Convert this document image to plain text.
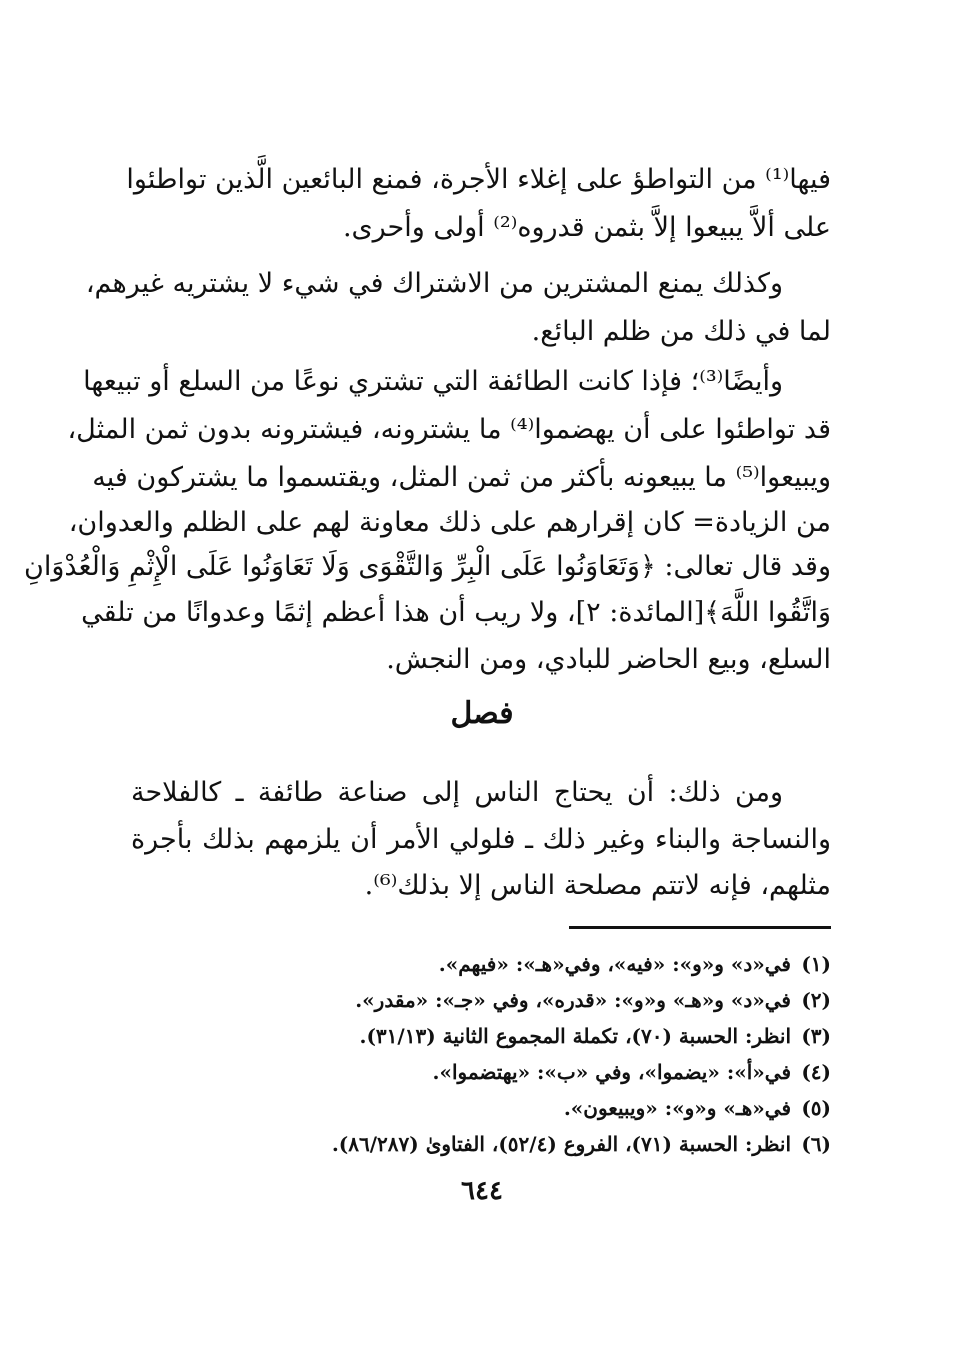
فيها⁽¹⁾ من التواطؤ على إغلاء الأجرة، فمنع البائعين الَّذين تواطئوا
على ألاَّ يبيعوا إلاَّ بثمن قدروه⁽²⁾ أولى وأحرى.
وكذلك يمنع المشترين من الاشتراك في شيء لا يشتريه غيرهم،
لما في ذلك من ظلم البائع.
وأيضًا⁽³⁾؛ فإذا كانت الطائفة التي تشتري نوعًا من السلع أو تبيعها
قد تواطئوا على أن يهضموا⁽⁴⁾ ما يشترونه، فيشترونه بدون ثمن المثل،
ويبيعوا⁽⁵⁾ ما يبيعونه بأكثر من ثمن المثل، ويقتسموا ما يشتركون فيه
من الزيادة= كان إقرارهم على ذلك معاونة لهم على الظلم والعدوان،
وقد قال تعالى: ﴿وَتَعَاوَنُوا عَلَى الْبِرِّ وَالتَّقْوَى وَلَا تَعَاوَنُوا عَلَى الْإِثْمِ وَالْعُدْوَانِ
وَاتَّقُوا اللَّهَ﴾[المائدة: ٢]، ولا ريب أن هذا أعظم إثمًا وعدوانًا من تلقي
السلع، وبيع الحاضر للبادي، ومن النجش.
فصل
ومن ذلك: أن يحتاج الناس إلى صناعة طائفة ـ كالفلاحة
والنساجة والبناء وغير ذلك ـ فلولي الأمر أن يلزمهم بذلك بأجرة
مثلهم، فإنه لاتتم مصلحة الناس إلا بذلك⁽⁶⁾.
(١)في«د» و«و»: «فيه»، وفي«هـ»: «فيهم».
(٢)في«د» و«هـ» و«و»: «قدره»، وفي «جـ»: «مقدر».
(٣)انظر: الحسبة (٧٠)، تكملة المجموع الثانية (٣١/١٣).
(٤)في«أ»: «يضموا»، وفي «ب»: «يهتضموا».
(٥)في«هـ» و«و»: «ويبيعون».
(٦)انظر: الحسبة (٧١)، الفروع (٥٢/٤)، الفتاوىٰ (٨٦/٢٨٧).
٦٤٤
